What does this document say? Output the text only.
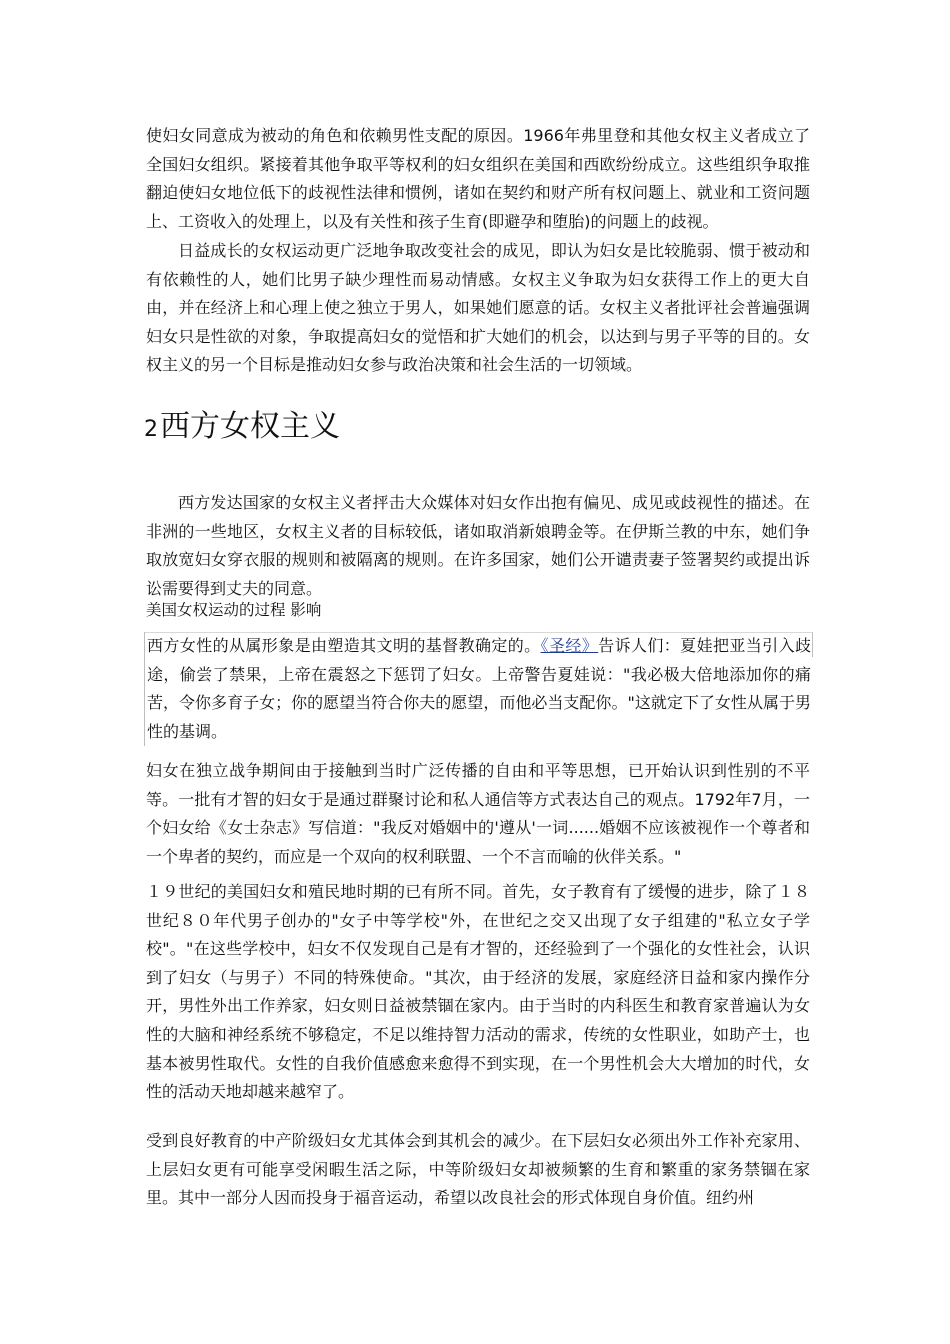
使妇女同意成为被动的角色和依赖男性支配的原因。1966年弗里登和其他女权主义者成立了全国妇女组织。紧接着其他争取平等权利的妇女组织在美国和西欧纷纷成立。这些组织争取推翻迫使妇女地位低下的歧视性法律和惯例，诸如在契约和财产所有权问题上、就业和工资问题上、工资收入的处理上，以及有关性和孩子生育(即避孕和堕胎)的问题上的歧视。

日益成长的女权运动更广泛地争取改变社会的成见，即认为妇女是比较脆弱、惯于被动和有依赖性的人，她们比男子缺少理性而易动情感。女权主义争取为妇女获得工作上的更大自由，并在经济上和心理上使之独立于男人，如果她们愿意的话。女权主义者批评社会普遍强调妇女只是性欲的对象，争取提高妇女的觉悟和扩大她们的机会，以达到与男子平等的目的。女权主义的另一个目标是推动妇女参与政治决策和社会生活的一切领域。

2西方女权主义

西方发达国家的女权主义者抨击大众媒体对妇女作出抱有偏见、成见或歧视性的描述。在非洲的一些地区，女权主义者的目标较低，诸如取消新娘聘金等。在伊斯兰教的中东，她们争取放宽妇女穿衣服的规则和被隔离的规则。在许多国家，她们公开谴责妻子签署契约或提出诉讼需要得到丈夫的同意。

美国女权运动的过程 影响

西方女性的从属形象是由塑造其文明的基督教确定的。《圣经》告诉人们：夏娃把亚当引入歧途，偷尝了禁果，上帝在震怒之下惩罚了妇女。上帝警告夏娃说："我必极大倍地添加你的痛苦，令你多育子女；你的愿望当符合你夫的愿望，而他必当支配你。"这就定下了女性从属于男性的基调。

妇女在独立战争期间由于接触到当时广泛传播的自由和平等思想，已开始认识到性别的不平等。一批有才智的妇女于是通过群聚讨论和私人通信等方式表达自己的观点。1792年7月，一个妇女给《女士杂志》写信道："我反对婚姻中的'遵从'一词......婚姻不应该被视作一个尊者和一个卑者的契约，而应是一个双向的权利联盟、一个不言而喻的伙伴关系。"

１９世纪的美国妇女和殖民地时期的已有所不同。首先，女子教育有了缓慢的进步，除了１８世纪８０年代男子创办的"女子中等学校"外，在世纪之交又出现了女子组建的"私立女子学校"。"在这些学校中，妇女不仅发现自己是有才智的，还经验到了一个强化的女性社会，认识到了妇女（与男子）不同的特殊使命。"其次，由于经济的发展，家庭经济日益和家内操作分开，男性外出工作养家，妇女则日益被禁锢在家内。由于当时的内科医生和教育家普遍认为女性的大脑和神经系统不够稳定，不足以维持智力活动的需求，传统的女性职业，如助产士，也基本被男性取代。女性的自我价值感愈来愈得不到实现，在一个男性机会大大增加的时代，女性的活动天地却越来越窄了。

受到良好教育的中产阶级妇女尤其体会到其机会的减少。在下层妇女必须出外工作补充家用、上层妇女更有可能享受闲暇生活之际，中等阶级妇女却被频繁的生育和繁重的家务禁锢在家里。其中一部分人因而投身于福音运动，希望以改良社会的形式体现自身价值。纽约州
